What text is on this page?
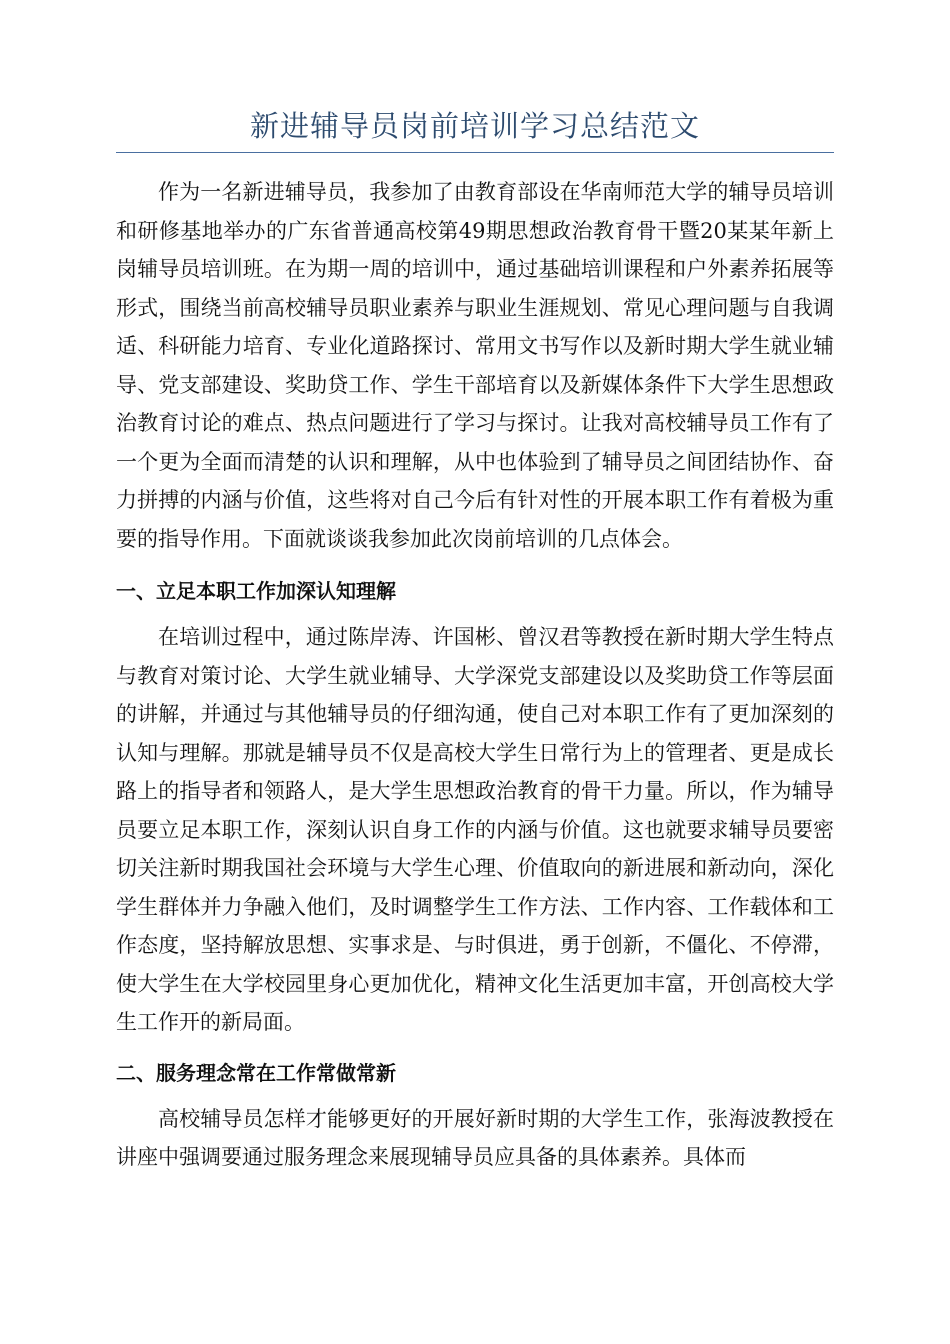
新进辅导员岗前培训学习总结范文

作为一名新进辅导员，我参加了由教育部设在华南师范大学的辅导员培训和研修基地举办的广东省普通高校第49期思想政治教育骨干暨20某某年新上岗辅导员培训班。在为期一周的培训中，通过基础培训课程和户外素养拓展等形式，围绕当前高校辅导员职业素养与职业生涯规划、常见心理问题与自我调适、科研能力培育、专业化道路探讨、常用文书写作以及新时期大学生就业辅导、党支部建设、奖助贷工作、学生干部培育以及新媒体条件下大学生思想政治教育讨论的难点、热点问题进行了学习与探讨。让我对高校辅导员工作有了一个更为全面而清楚的认识和理解，从中也体验到了辅导员之间团结协作、奋力拼搏的内涵与价值，这些将对自己今后有针对性的开展本职工作有着极为重要的指导作用。下面就谈谈我参加此次岗前培训的几点体会。

一、立足本职工作加深认知理解

在培训过程中，通过陈岸涛、许国彬、曾汉君等教授在新时期大学生特点与教育对策讨论、大学生就业辅导、大学深党支部建设以及奖助贷工作等层面的讲解，并通过与其他辅导员的仔细沟通，使自己对本职工作有了更加深刻的认知与理解。那就是辅导员不仅是高校大学生日常行为上的管理者、更是成长路上的指导者和领路人，是大学生思想政治教育的骨干力量。所以，作为辅导员要立足本职工作，深刻认识自身工作的内涵与价值。这也就要求辅导员要密切关注新时期我国社会环境与大学生心理、价值取向的新进展和新动向，深化学生群体并力争融入他们，及时调整学生工作方法、工作内容、工作载体和工作态度，坚持解放思想、实事求是、与时俱进，勇于创新，不僵化、不停滞，使大学生在大学校园里身心更加优化，精神文化生活更加丰富，开创高校大学生工作开的新局面。

二、服务理念常在工作常做常新

高校辅导员怎样才能够更好的开展好新时期的大学生工作，张海波教授在讲座中强调要通过服务理念来展现辅导员应具备的具体素养。具体而
